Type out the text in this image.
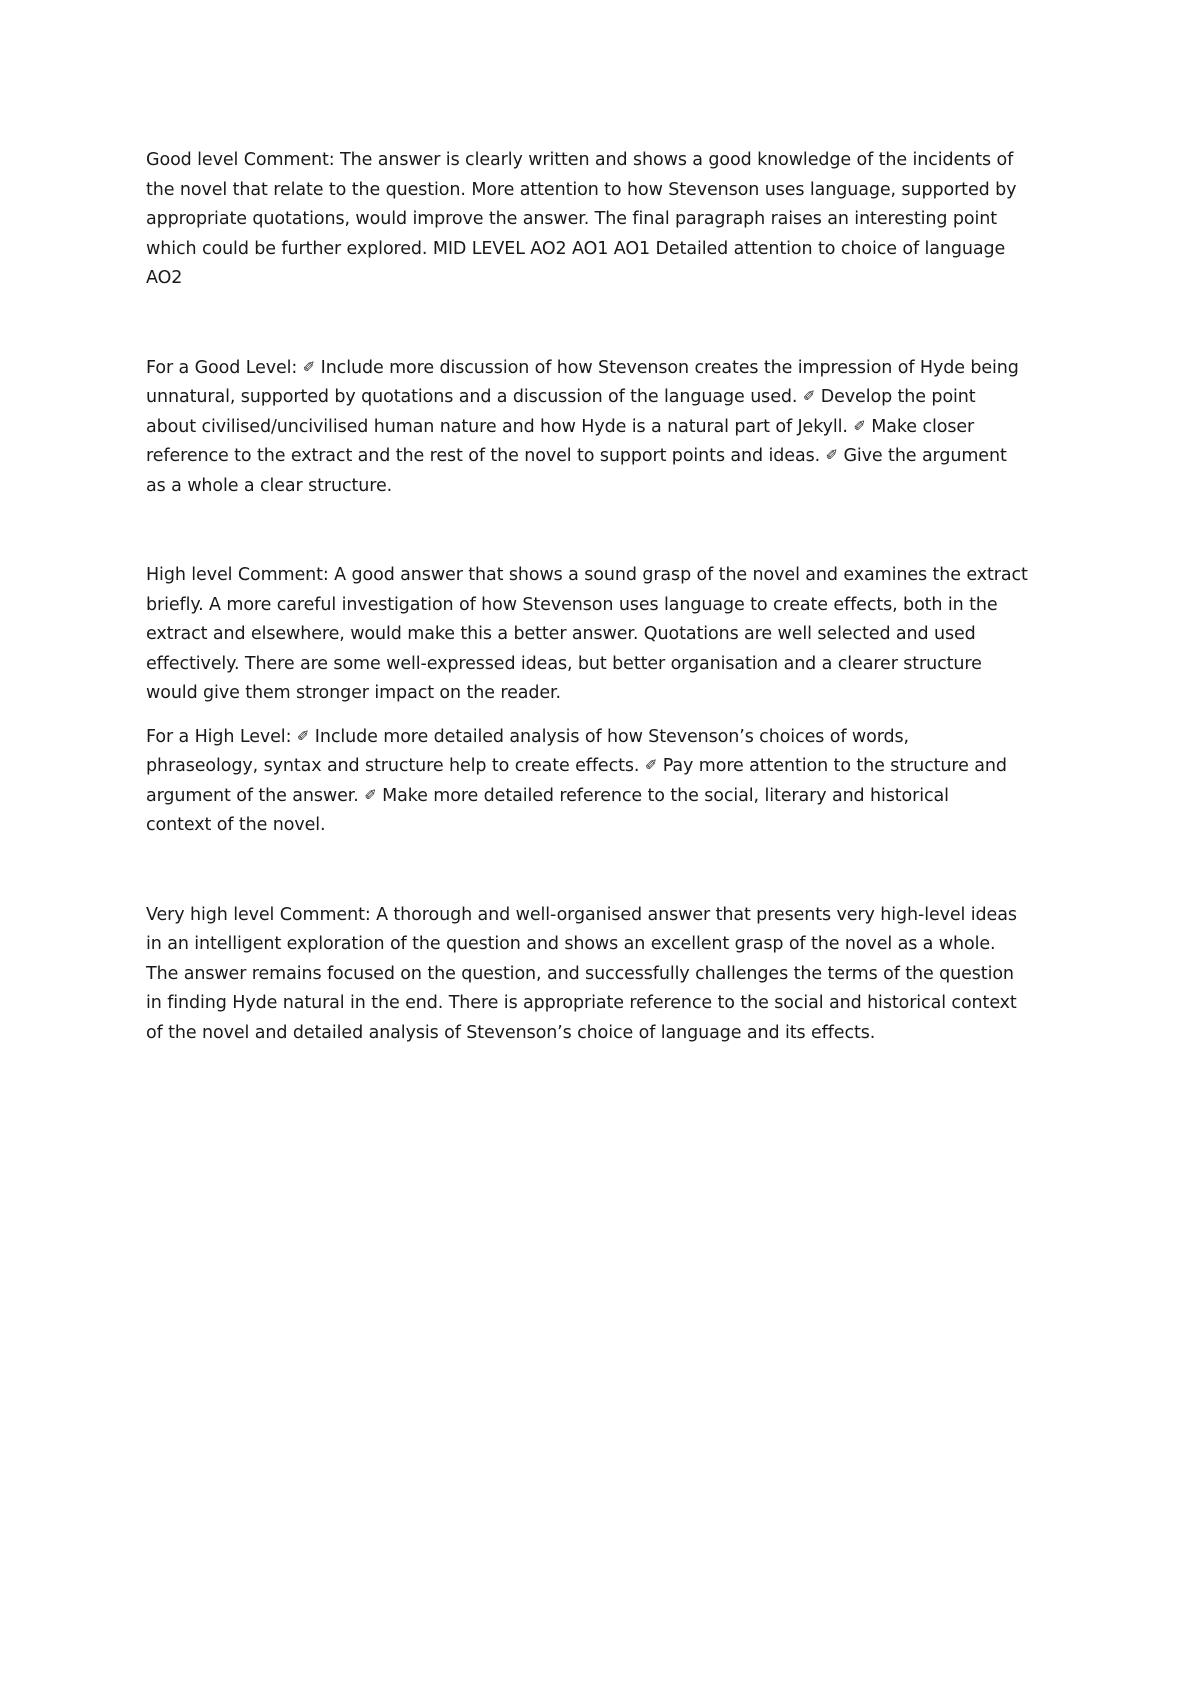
Good level Comment: The answer is clearly written and shows a good knowledge of the incidents of
the novel that relate to the question. More attention to how Stevenson uses language, supported by
appropriate quotations, would improve the answer. The final paragraph raises an interesting point
which could be further explored. MID LEVEL AO2 AO1 AO1 Detailed attention to choice of language
AO2
For a Good Level: ✐ Include more discussion of how Stevenson creates the impression of Hyde being
unnatural, supported by quotations and a discussion of the language used. ✐ Develop the point
about civilised/uncivilised human nature and how Hyde is a natural part of Jekyll. ✐ Make closer
reference to the extract and the rest of the novel to support points and ideas. ✐ Give the argument
as a whole a clear structure.
High level Comment: A good answer that shows a sound grasp of the novel and examines the extract
briefly. A more careful investigation of how Stevenson uses language to create effects, both in the
extract and elsewhere, would make this a better answer. Quotations are well selected and used
effectively. There are some well-expressed ideas, but better organisation and a clearer structure
would give them stronger impact on the reader.
For a High Level: ✐ Include more detailed analysis of how Stevenson’s choices of words,
phraseology, syntax and structure help to create effects. ✐ Pay more attention to the structure and
argument of the answer. ✐ Make more detailed reference to the social, literary and historical
context of the novel.
Very high level Comment: A thorough and well-organised answer that presents very high-level ideas
in an intelligent exploration of the question and shows an excellent grasp of the novel as a whole.
The answer remains focused on the question, and successfully challenges the terms of the question
in finding Hyde natural in the end. There is appropriate reference to the social and historical context
of the novel and detailed analysis of Stevenson’s choice of language and its effects.
